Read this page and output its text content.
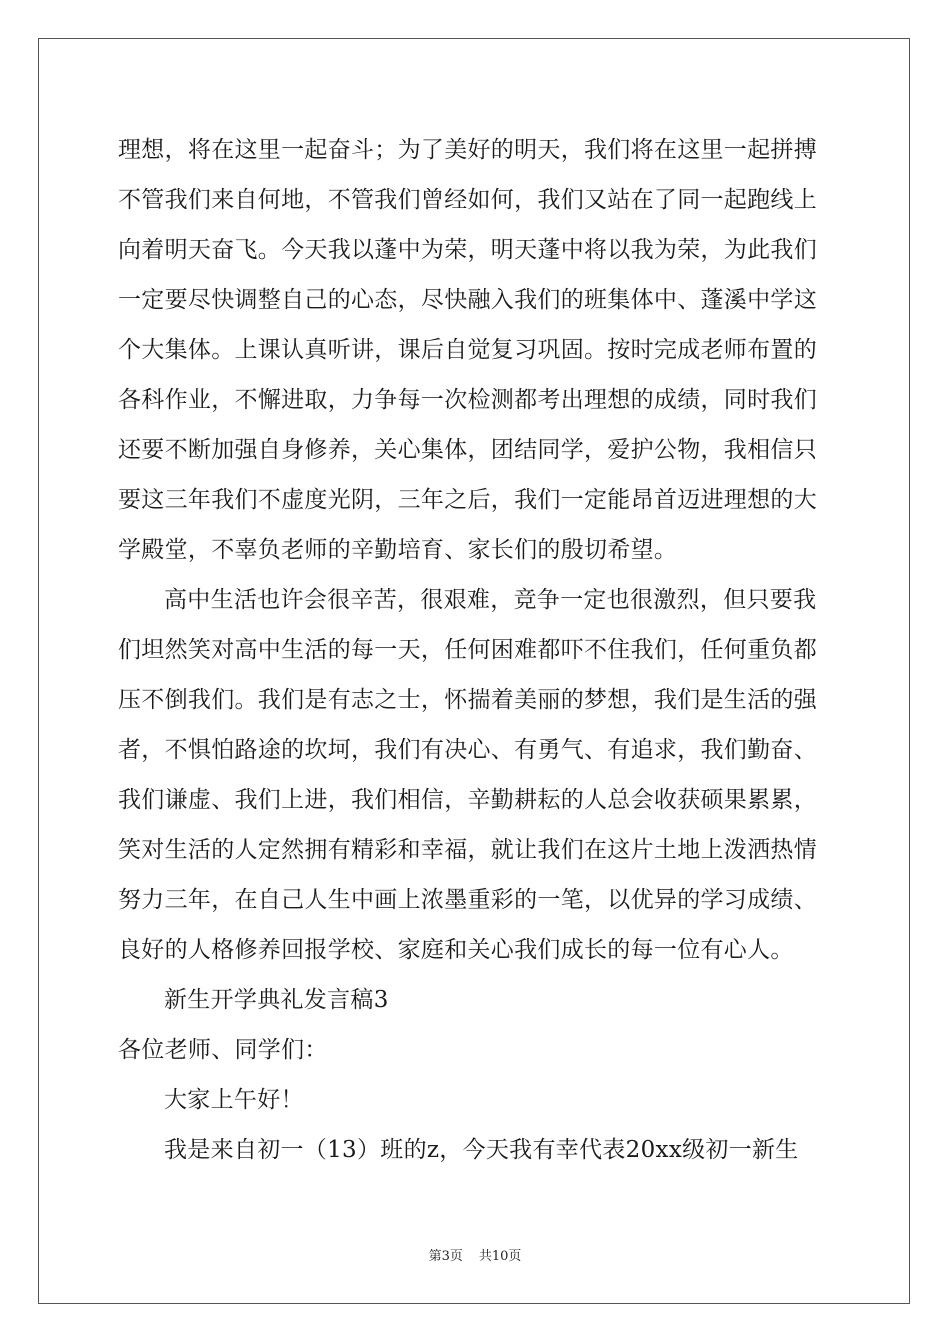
理想，将在这里一起奋斗；为了美好的明天，我们将在这里一起拼搏
不管我们来自何地，不管我们曾经如何，我们又站在了同一起跑线上
向着明天奋飞。今天我以蓬中为荣，明天蓬中将以我为荣，为此我们
一定要尽快调整自己的心态，尽快融入我们的班集体中、蓬溪中学这
个大集体。上课认真听讲，课后自觉复习巩固。按时完成老师布置的
各科作业，不懈进取，力争每一次检测都考出理想的成绩，同时我们
还要不断加强自身修养，关心集体，团结同学，爱护公物，我相信只
要这三年我们不虚度光阴，三年之后，我们一定能昂首迈进理想的大
学殿堂，不辜负老师的辛勤培育、家长们的殷切希望。
高中生活也许会很辛苦，很艰难，竞争一定也很激烈，但只要我
们坦然笑对高中生活的每一天，任何困难都吓不住我们，任何重负都
压不倒我们。我们是有志之士，怀揣着美丽的梦想，我们是生活的强
者，不惧怕路途的坎坷，我们有决心、有勇气、有追求，我们勤奋、
我们谦虚、我们上进，我们相信，辛勤耕耘的人总会收获硕果累累，
笑对生活的人定然拥有精彩和幸福，就让我们在这片土地上泼洒热情
努力三年，在自己人生中画上浓墨重彩的一笔，以优异的学习成绩、
良好的人格修养回报学校、家庭和关心我们成长的每一位有心人。
新生开学典礼发言稿3
各位老师、同学们：
大家上午好！
我是来自初一（13）班的z，今天我有幸代表20xx级初一新生
第3页 共10页
